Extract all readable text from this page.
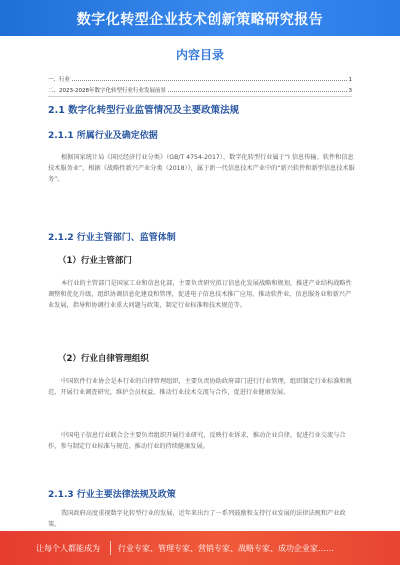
数字化转型企业技术创新策略研究报告
内容目录
一、行业	1
二、2023-2028年数字化转型行业行业发展前景	3
2.1 数字化转型行业监管情况及主要政策法规
2.1.1 所属行业及确定依据
根据国家统计局《国民经济行业分类》（GB/T 4754-2017），数字化转型行业属于“I 信息传输、软件和信息技术服务业”，根据《战略性新兴产业分类（2018）》，属于新一代信息技术产业中的“新兴软件和新型信息技术服务”。
2.1.2 行业主管部门、监管体制
（1）行业主管部门
本行业的主管部门是国家工业和信息化部，主要负责研究拟订信息化发展战略和规划，推进产业结构战略性调整和优化升级，组织协调信息化建设和管理，促进电子信息技术推广应用，推动软件业、信息服务业和新兴产业发展，指导和协调行业重大问题与政策，制定行业标准和技术规范等。
（2）行业自律管理组织
中国软件行业协会是本行业的自律管理组织，主要负责协助政府部门进行行业管理，组织制定行业标准和规范，开展行业调查研究，维护会员权益，推动行业技术交流与合作，促进行业健康发展。
中国电子信息行业联合会主要负责组织开展行业研究，反映行业诉求，推动企业自律，促进行业交流与合作，参与制定行业标准与规范，推动行业的持续健康发展。
2.1.3 行业主要法律法规及政策
我国政府高度重视数字化转型行业的发展，近年来出台了一系列鼓励和支持行业发展的法律法规和产业政策。
让每个人都能成为 行业专家、管理专家、营销专家、战略专家、成功企业家……
